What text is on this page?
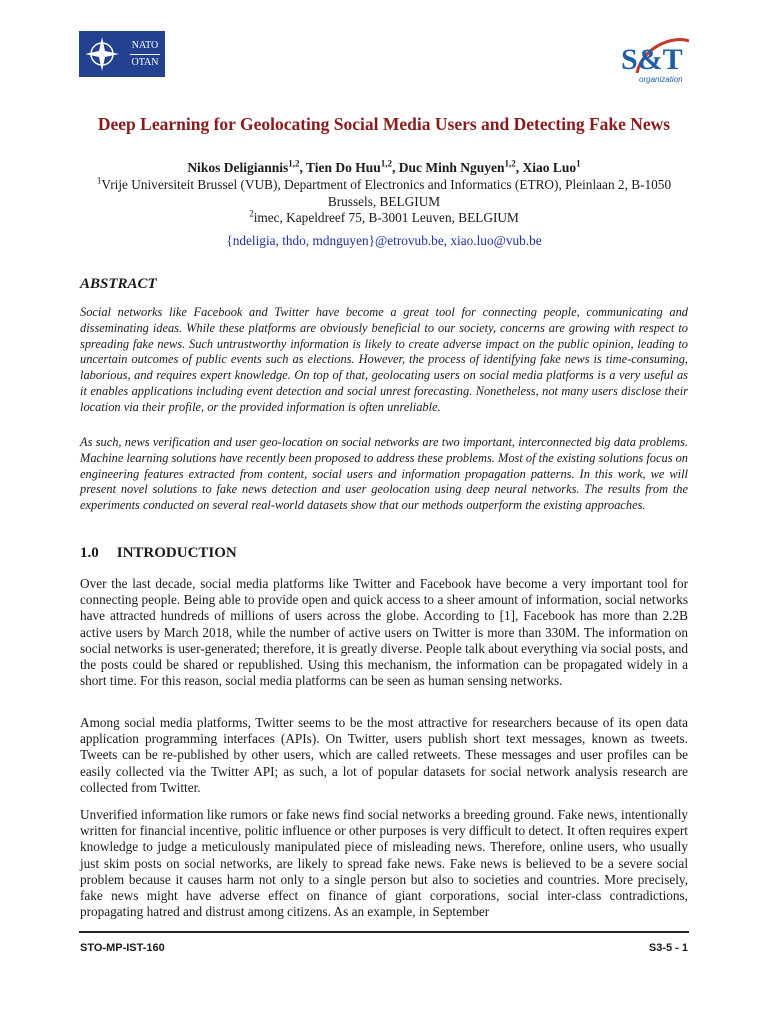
NATO
OTAN	S&T
organization
Deep Learning for Geolocating Social Media Users and Detecting Fake News
Nikos Deligiannis$^{1,2}$, Tien Do Huu$^{1,2}$, Duc Minh Nguyen$^{1,2}$, Xiao Luo$^1$
$^1$Vrije Universiteit Brussel (VUB), Department of Electronics and Informatics (ETRO), Pleinlaan 2, B-1050 Brussels, BELGIUM
$^2$imec, Kapeldreef 75, B-3001 Leuven, BELGIUM
{ndeligia, thdo, mdnguyen}@etrovub.be, xiao.luo@vub.be
ABSTRACT
Social networks like Facebook and Twitter have become a great tool for connecting people, communicating and disseminating ideas. While these platforms are obviously beneficial to our society, concerns are growing with respect to spreading fake news. Such untrustworthy information is likely to create adverse impact on the public opinion, leading to uncertain outcomes of public events such as elections. However, the process of identifying fake news is time-consuming, laborious, and requires expert knowledge. On top of that, geolocating users on social media platforms is a very useful as it enables applications including event detection and social unrest forecasting. Nonetheless, not many users disclose their location via their profile, or the provided information is often unreliable.
As such, news verification and user geo-location on social networks are two important, interconnected big data problems. Machine learning solutions have recently been proposed to address these problems. Most of the existing solutions focus on engineering features extracted from content, social users and information propagation patterns. In this work, we will present novel solutions to fake news detection and user geolocation using deep neural networks. The results from the experiments conducted on several real-world datasets show that our methods outperform the existing approaches.
1.0 INTRODUCTION
Over the last decade, social media platforms like Twitter and Facebook have become a very important tool for connecting people. Being able to provide open and quick access to a sheer amount of information, social networks have attracted hundreds of millions of users across the globe. According to [1], Facebook has more than 2.2B active users by March 2018, while the number of active users on Twitter is more than 330M. The information on social networks is user-generated; therefore, it is greatly diverse. People talk about everything via social posts, and the posts could be shared or republished. Using this mechanism, the information can be propagated widely in a short time. For this reason, social media platforms can be seen as human sensing networks.
Among social media platforms, Twitter seems to be the most attractive for researchers because of its open data application programming interfaces (APIs). On Twitter, users publish short text messages, known as tweets. Tweets can be re-published by other users, which are called retweets. These messages and user profiles can be easily collected via the Twitter API; as such, a lot of popular datasets for social network analysis research are collected from Twitter.
Unverified information like rumors or fake news find social networks a breeding ground. Fake news, intentionally written for financial incentive, politic influence or other purposes is very difficult to detect. It often requires expert knowledge to judge a meticulously manipulated piece of misleading news. Therefore, online users, who usually just skim posts on social networks, are likely to spread fake news. Fake news is believed to be a severe social problem because it causes harm not only to a single person but also to societies and countries. More precisely, fake news might have adverse effect on finance of giant corporations, social inter-class contradictions, propagating hatred and distrust among citizens. As an example, in September
STO-MP-IST-160	S3-5 - 1
